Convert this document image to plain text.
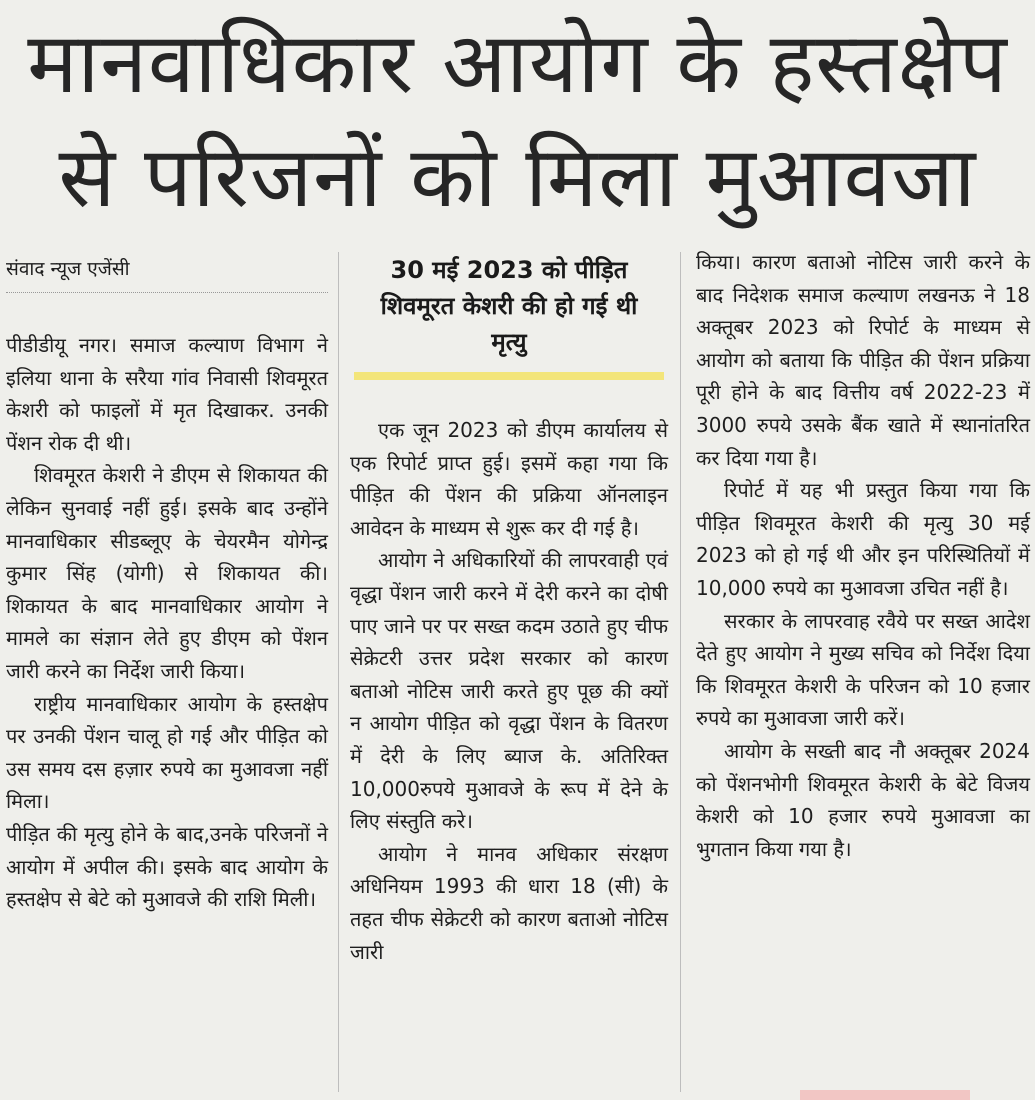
मानवाधिकार आयोग के हस्तक्षेप
से परिजनों को मिला मुआवजा
संवाद न्यूज एजेंसी

पीडीडीयू नगर। समाज कल्याण विभाग ने इलिया थाना के सरैया गांव निवासी शिवमूरत केशरी को फाइलों में मृत दिखाकर. उनकी पेंशन रोक दी थी।

शिवमूरत केशरी ने डीएम से शिकायत की लेकिन सुनवाई नहीं हुई। इसके बाद उन्होंने मानवाधिकार सीडब्लूए के चेयरमैन योगेन्द्र कुमार सिंह (योगी) से शिकायत की। शिकायत के बाद मानवाधिकार आयोग ने मामले का संज्ञान लेते हुए डीएम को पेंशन जारी करने का निर्देश जारी किया।

राष्ट्रीय मानवाधिकार आयोग के हस्तक्षेप पर उनकी पेंशन चालू हो गई और पीड़ित को उस समय दस हज़ार रुपये का मुआवजा नहीं मिला।

पीड़ित की मृत्यु होने के बाद,उनके परिजनों ने आयोग में अपील की। इसके बाद आयोग के हस्तक्षेप से बेटे को मुआवजे की राशि मिली।

30 मई 2023 को पीड़ित शिवमूरत केशरी की हो गई थी मृत्यु

एक जून 2023 को डीएम कार्यालय से एक रिपोर्ट प्राप्त हुई। इसमें कहा गया कि पीड़ित की पेंशन की प्रक्रिया ऑनलाइन आवेदन के माध्यम से शुरू कर दी गई है।

आयोग ने अधिकारियों की लापरवाही एवं वृद्धा पेंशन जारी करने में देरी करने का दोषी पाए जाने पर पर सख्त कदम उठाते हुए चीफ सेक्रेटरी उत्तर प्रदेश सरकार को कारण बताओ नोटिस जारी करते हुए पूछ की क्यों न आयोग पीड़ित को वृद्धा पेंशन के वितरण में देरी के लिए ब्याज के. अतिरिक्त 10,000रुपये मुआवजे के रूप में देने के लिए संस्तुति करे।

आयोग ने मानव अधिकार संरक्षण अधिनियम 1993 की धारा 18 (सी) के तहत चीफ सेक्रेटरी को कारण बताओ नोटिस जारी

किया। कारण बताओ नोटिस जारी करने के बाद निदेशक समाज कल्याण लखनऊ ने 18 अक्तूबर 2023 को रिपोर्ट के माध्यम से आयोग को बताया कि पीड़ित की पेंशन प्रक्रिया पूरी होने के बाद वित्तीय वर्ष 2022-23 में 3000 रुपये उसके बैंक खाते में स्थानांतरित कर दिया गया है।

रिपोर्ट में यह भी प्रस्तुत किया गया कि पीड़ित शिवमूरत केशरी की मृत्यु 30 मई 2023 को हो गई थी और इन परिस्थितियों में 10,000 रुपये का मुआवजा उचित नहीं है।

सरकार के लापरवाह रवैये पर सख्त आदेश देते हुए आयोग ने मुख्य सचिव को निर्देश दिया कि शिवमूरत केशरी के परिजन को 10 हजार रुपये का मुआवजा जारी करें।

आयोग के सख्ती बाद नौ अक्तूबर 2024 को पेंशनभोगी शिवमूरत केशरी के बेटे विजय केशरी को 10 हजार रुपये मुआवजा का भुगतान किया गया है।
